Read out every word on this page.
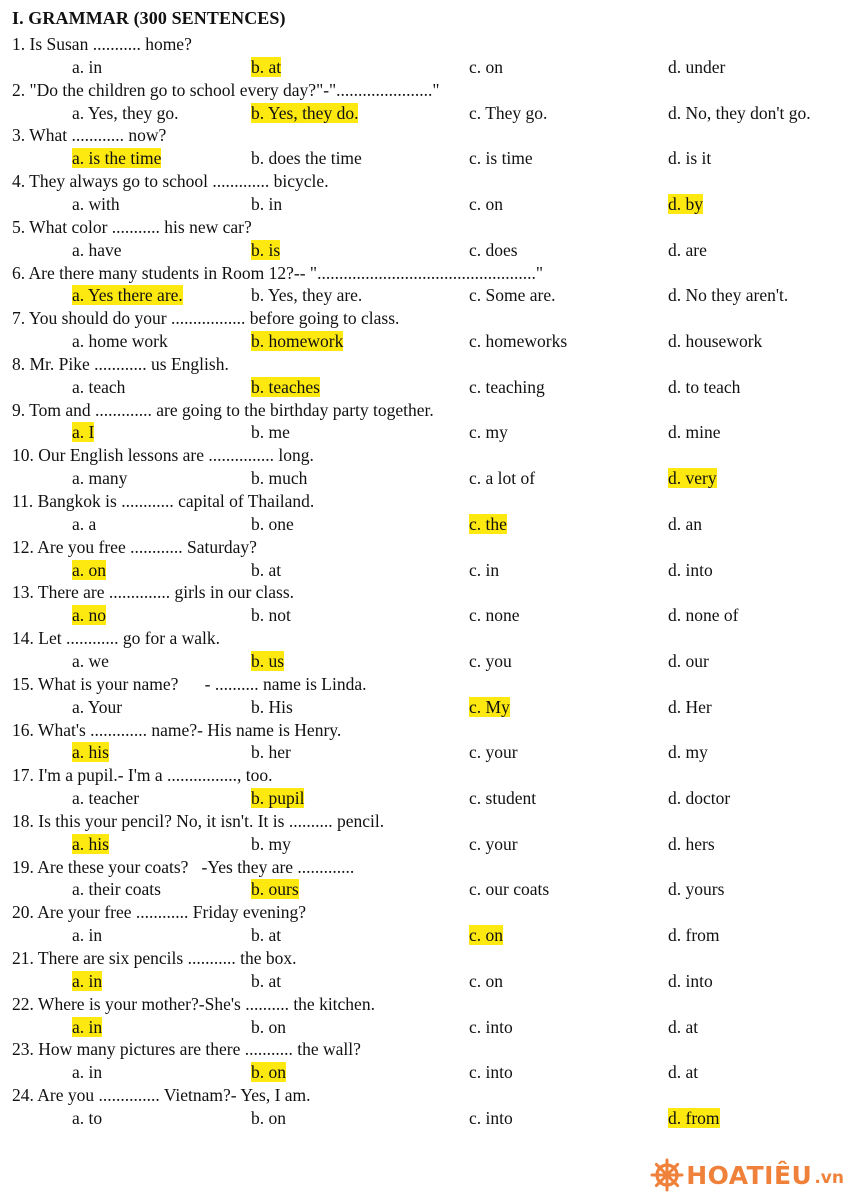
I. GRAMMAR (300 SENTENCES)
1. Is Susan ........... home?
a. in	b. at	c. on	d. under
2. "Do the children go to school every day?"-"......................"
a. Yes, they go.	b. Yes, they do.	c. They go.	d. No, they don't go.
3. What ............ now?
a. is the time	b. does the time	c. is time	d. is it
4. They always go to school ............. bicycle.
a. with	b. in	c. on	d. by
5. What color ........... his new car?
a. have	b. is	c. does	d. are
6. Are there many students in Room 12?-- ".................................................."
a. Yes there are.	b. Yes, they are.	c. Some are.	d. No they aren't.
7. You should do your ................. before going to class.
a. home work	b. homework	c. homeworks	d. housework
8. Mr. Pike ............ us English.
a. teach	b. teaches	c. teaching	d. to teach
9. Tom and ............. are going to the birthday party together.
a. I	b. me	c. my	d. mine
10. Our English lessons are ............... long.
a. many	b. much	c. a lot of	d. very
11. Bangkok is ............ capital of Thailand.
a. a	b. one	c. the	d. an
12. Are you free ............ Saturday?
a. on	b. at	c. in	d. into
13. There are .............. girls in our class.
a. no	b. not	c. none	d. none of
14. Let ............ go for a walk.
a. we	b. us	c. you	d. our
15. What is your name?      - .......... name is Linda.
a. Your	b. His	c. My	d. Her
16. What's ............. name?- His name is Henry.
a. his	b. her	c. your	d. my
17. I'm a pupil.- I'm a ................, too.
a. teacher	b. pupil	c. student	d. doctor
18. Is this your pencil? No, it isn't. It is .......... pencil.
a. his	b. my	c. your	d. hers
19. Are these your coats?   -Yes they are .............
a. their coats	b. ours	c. our coats	d. yours
20. Are your free ............ Friday evening?
a. in	b. at	c. on	d. from
21. There are six pencils ........... the box.
a. in	b. at	c. on	d. into
22. Where is your mother?-She's .......... the kitchen.
a. in	b. on	c. into	d. at
23. How many pictures are there ........... the wall?
a. in	b. on	c. into	d. at
24. Are you .............. Vietnam?- Yes, I am.
a. to	b. on	c. into	d. from
HOATIÊU .vn
